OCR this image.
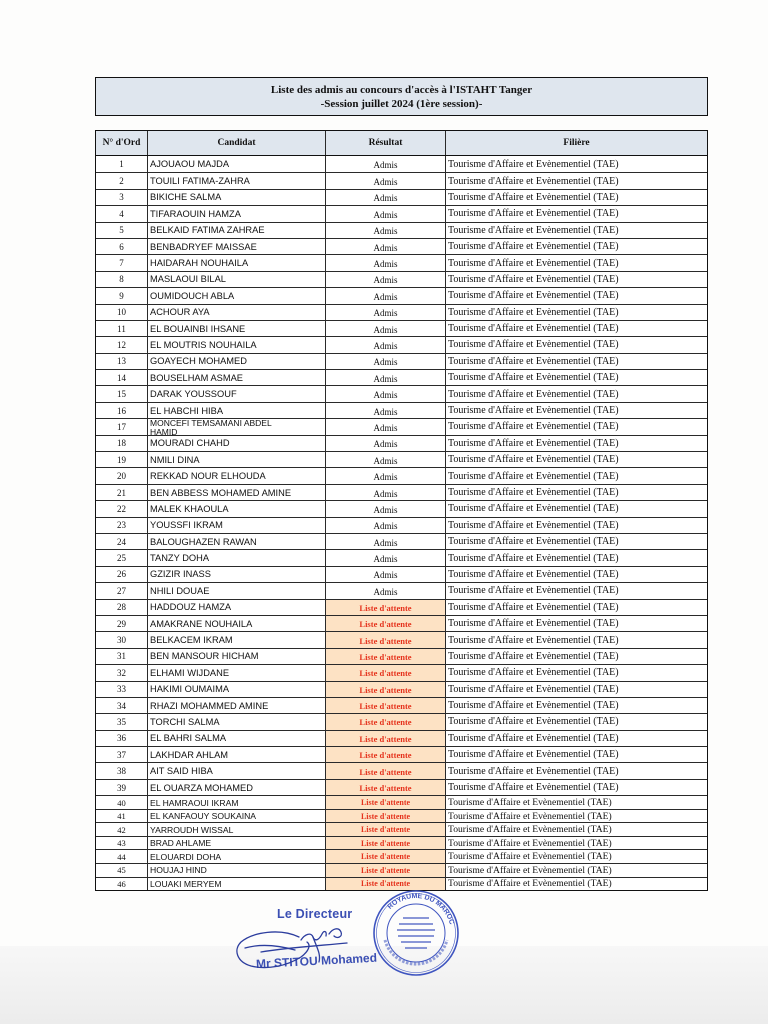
Liste des admis au concours d'accès à l'ISTAHT Tanger
-Session juillet 2024 (1ère session)-
N° d'Ord	Candidat	Résultat	Filière
1	AJOUAOU MAJDA	Admis	Tourisme d'Affaire et Evènementiel (TAE)
2	TOUILI FATIMA-ZAHRA	Admis	Tourisme d'Affaire et Evènementiel (TAE)
3	BIKICHE SALMA	Admis	Tourisme d'Affaire et Evènementiel (TAE)
4	TIFARAOUIN HAMZA	Admis	Tourisme d'Affaire et Evènementiel (TAE)
5	BELKAID FATIMA ZAHRAE	Admis	Tourisme d'Affaire et Evènementiel (TAE)
6	BENBADRYEF MAISSAE	Admis	Tourisme d'Affaire et Evènementiel (TAE)
7	HAIDARAH NOUHAILA	Admis	Tourisme d'Affaire et Evènementiel (TAE)
8	MASLAOUI BILAL	Admis	Tourisme d'Affaire et Evènementiel (TAE)
9	OUMIDOUCH ABLA	Admis	Tourisme d'Affaire et Evènementiel (TAE)
10	ACHOUR AYA	Admis	Tourisme d'Affaire et Evènementiel (TAE)
11	EL BOUAINBI IHSANE	Admis	Tourisme d'Affaire et Evènementiel (TAE)
12	EL MOUTRIS NOUHAILA	Admis	Tourisme d'Affaire et Evènementiel (TAE)
13	GOAYECH MOHAMED	Admis	Tourisme d'Affaire et Evènementiel (TAE)
14	BOUSELHAM ASMAE	Admis	Tourisme d'Affaire et Evènementiel (TAE)
15	DARAK YOUSSOUF	Admis	Tourisme d'Affaire et Evènementiel (TAE)
16	EL HABCHI HIBA	Admis	Tourisme d'Affaire et Evènementiel (TAE)
17	MONCEFI TEMSAMANI ABDEL HAMID	Admis	Tourisme d'Affaire et Evènementiel (TAE)
18	MOURADI CHAHD	Admis	Tourisme d'Affaire et Evènementiel (TAE)
19	NMILI DINA	Admis	Tourisme d'Affaire et Evènementiel (TAE)
20	REKKAD NOUR ELHOUDA	Admis	Tourisme d'Affaire et Evènementiel (TAE)
21	BEN ABBESS MOHAMED AMINE	Admis	Tourisme d'Affaire et Evènementiel (TAE)
22	MALEK KHAOULA	Admis	Tourisme d'Affaire et Evènementiel (TAE)
23	YOUSSFI IKRAM	Admis	Tourisme d'Affaire et Evènementiel (TAE)
24	BALOUGHAZEN RAWAN	Admis	Tourisme d'Affaire et Evènementiel (TAE)
25	TANZY DOHA	Admis	Tourisme d'Affaire et Evènementiel (TAE)
26	GZIZIR INASS	Admis	Tourisme d'Affaire et Evènementiel (TAE)
27	NHILI DOUAE	Admis	Tourisme d'Affaire et Evènementiel (TAE)
28	HADDOUZ HAMZA	Liste d'attente	Tourisme d'Affaire et Evènementiel (TAE)
29	AMAKRANE NOUHAILA	Liste d'attente	Tourisme d'Affaire et Evènementiel (TAE)
30	BELKACEM IKRAM	Liste d'attente	Tourisme d'Affaire et Evènementiel (TAE)
31	BEN MANSOUR HICHAM	Liste d'attente	Tourisme d'Affaire et Evènementiel (TAE)
32	ELHAMI WIJDANE	Liste d'attente	Tourisme d'Affaire et Evènementiel (TAE)
33	HAKIMI OUMAIMA	Liste d'attente	Tourisme d'Affaire et Evènementiel (TAE)
34	RHAZI MOHAMMED AMINE	Liste d'attente	Tourisme d'Affaire et Evènementiel (TAE)
35	TORCHI SALMA	Liste d'attente	Tourisme d'Affaire et Evènementiel (TAE)
36	EL BAHRI SALMA	Liste d'attente	Tourisme d'Affaire et Evènementiel (TAE)
37	LAKHDAR AHLAM	Liste d'attente	Tourisme d'Affaire et Evènementiel (TAE)
38	AIT SAID HIBA	Liste d'attente	Tourisme d'Affaire et Evènementiel (TAE)
39	EL OUARZA MOHAMED	Liste d'attente	Tourisme d'Affaire et Evènementiel (TAE)
40	EL HAMRAOUI IKRAM	Liste d'attente	Tourisme d'Affaire et Evènementiel (TAE)
41	EL KANFAOUY SOUKAINA	Liste d'attente	Tourisme d'Affaire et Evènementiel (TAE)
42	YARROUDH WISSAL	Liste d'attente	Tourisme d'Affaire et Evènementiel (TAE)
43	BRAD AHLAME	Liste d'attente	Tourisme d'Affaire et Evènementiel (TAE)
44	ELOUARDI DOHA	Liste d'attente	Tourisme d'Affaire et Evènementiel (TAE)
45	HOUJAJ HIND	Liste d'attente	Tourisme d'Affaire et Evènementiel (TAE)
46	LOUAKI MERYEM	Liste d'attente	Tourisme d'Affaire et Evènementiel (TAE)
Le Directeur
Mr STITOU Mohamed
ROYAUME DU MAROC
